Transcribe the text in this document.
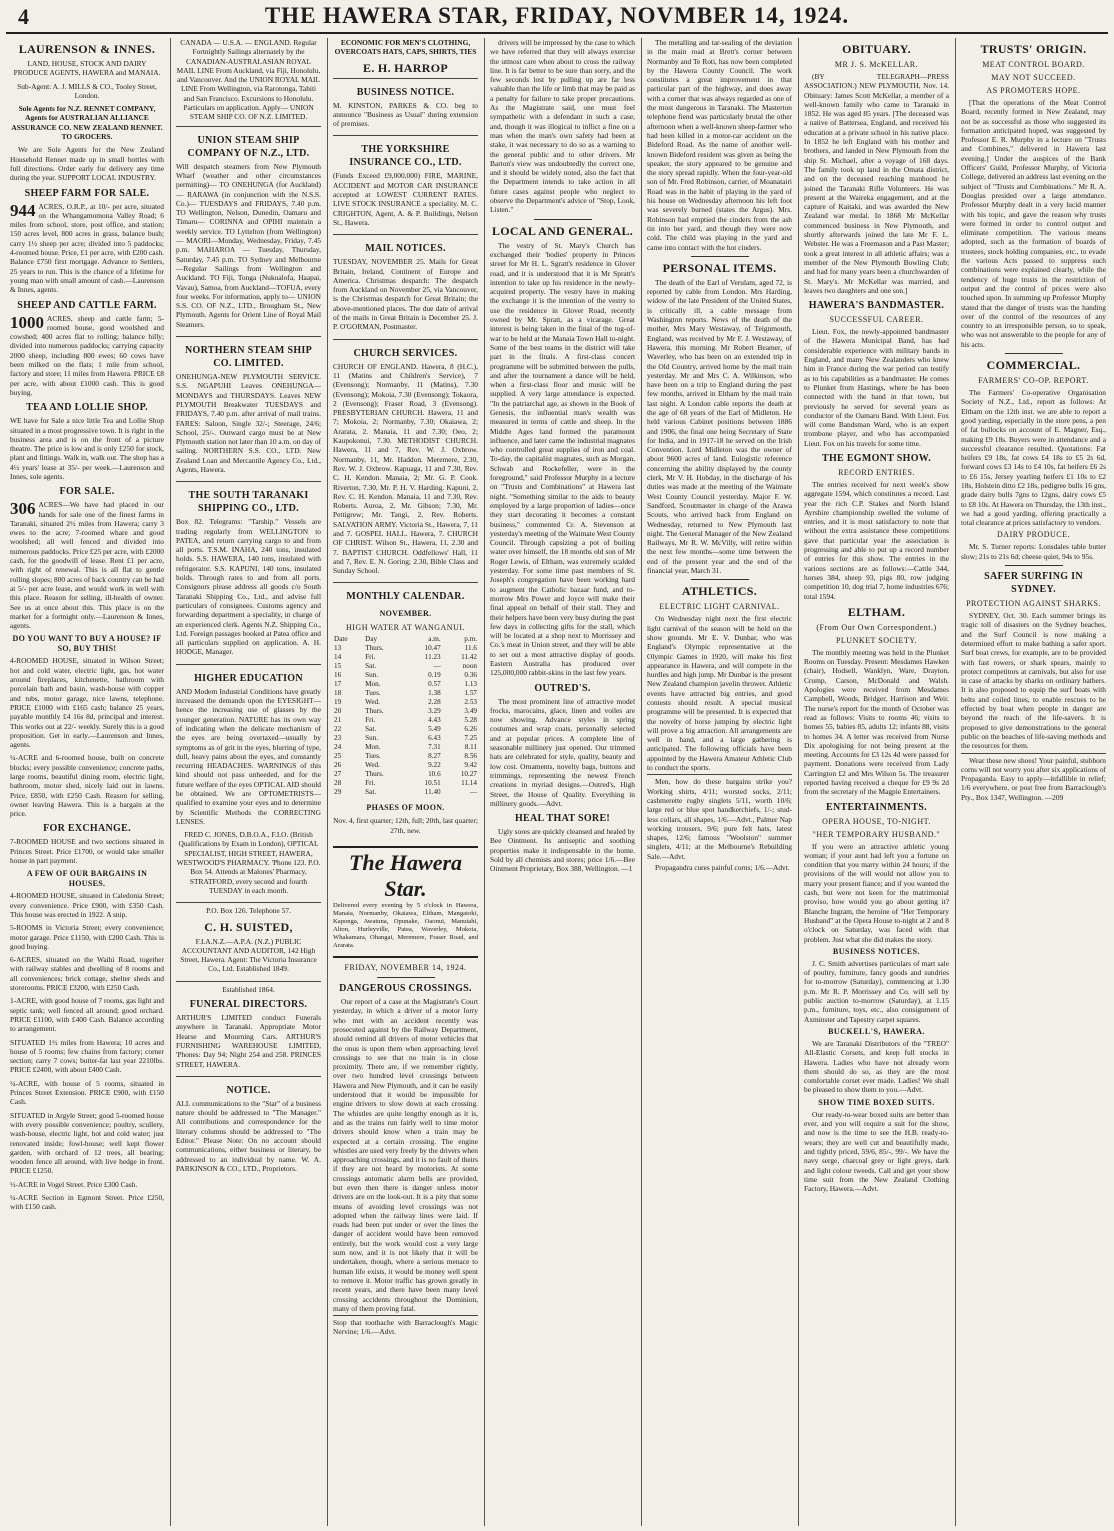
4	THE HAWERA STAR, FRIDAY, NOVMBER 14, 1924.
LAURENSON & INNES.
LAND, HOUSE, STOCK AND DAIRY PRODUCE AGENTS, HAWERA and MANAIA.
Sub-Agent: A. J. MILLS & CO., Tooley Street, London.
Sole Agents for N.Z. RENNET COMPANY, Agents for AUSTRALIAN ALLIANCE ASSURANCE CO. NEW ZEALAND RENNET. TO GROCERS.
We are Sole Agents for the New Zealand Household Rennet made up in small bottles with full directions. Order early for delivery any time during the year. SUPPORT LOCAL INDUSTRY.
SHEEP FARM FOR SALE.
944 ACRES, O.R.P., at 10/- per acre, situated on the Whangamomona Valley Road; 6 miles from school, store, post office, and station; 150 acres level, 800 acres in grass, balance bush; carry 1½ sheep per acre; divided into 5 paddocks; 4-roomed house. Price, £1 per acre, with £200 cash. Balance £750 first mortgage. Advance to Settlers, 25 years to run. This is the chance of a lifetime for young man with small amount of cash.—Laurenson & Innes, agents.
SHEEP AND CATTLE FARM.
1000 ACRES, sheep and cattle farm; 5-roomed house, good woolshed and cowshed; 400 acres flat to rolling; balance hilly; divided into numerous paddocks; carrying capacity 2000 sheep, including 800 ewes; 60 cows have been milked on the flats; 1 mile from school, factory and store; 11 miles from Hawera. PRICE £8 per acre, with about £1000 cash. This is good buying.
TEA AND LOLLIE SHOP.
WE have for Sale a nice little Tea and Lollie Shop situated in a most progressive town. It is right in the business area and is on the front of a picture theatre. The price is low and is only £250 for stock, plant and fittings. Walk in, walk out. The shop has a 4½ years' lease at 35/- per week.—Laurenson and Innes, sole agents.
FOR SALE.
306 ACRES—We have had placed in our hands for sale one of the finest farms in Taranaki, situated 2½ miles from Hawera; carry 3 ewes to the acre; 7-roomed whare and good woolshed; all well fenced and divided into numerous paddocks. Price £25 per acre, with £2000 cash, for the goodwill of lease. Rent £1 per acre, with right of renewal. This is all flat to gentle rolling slopes; 800 acres of back country can be had at 5/- per acre lease, and would work in well with this place. Reason for selling, ill-health of owner. See us at once about this. This place is on the market for a fortnight only.—Laurenson & Innes, agents.
DO YOU WANT TO BUY A HOUSE? IF SO, BUY THIS!
4-ROOMED HOUSE, situated in Wilson Street; hot and cold water, electric light, gas, hot water around fireplaces, kitchenette, bathroom with porcelain bath and basin, wash-house with copper and tubs, motor garage, nice lawns, telephone. PRICE £1000 with £165 cash; balance 25 years, payable monthly £4 16s 8d, principal and interest. This works out at 22/- weekly. Surely this is a good proposition. Get in early.—Laurenson and Innes, agents.
¼-ACRE and 6-roomed house, built on concrete blocks; every possible convenience; concrete paths, large rooms, beautiful dining room, electric light, bathroom, motor shed, nicely laid out in lawns. Price, £850, with £250 Cash. Reason for selling, owner leaving Hawera. This is a bargain at the price.
FOR EXCHANGE.
7-ROOMED HOUSE and two sections situated in Princes Street. Price £1700, or would take smaller house in part payment.
A FEW OF OUR BARGAINS IN HOUSES.
4-ROOMED HOUSE, situated in Caledonia Street; every convenience. Price £900, with £350 Cash. This house was erected in 1922. A snip.
5-ROOMS in Victoria Street; every convenience; motor garage. Price £1150, with £200 Cash. This is good buying.
6-ACRES, situated on the Waihi Road, together with railway stables and dwelling of 8 rooms and all conveniences; brick cottage, shelter sheds and storerooms. PRICE £3200, with £250 Cash.
1-ACRE, with good house of 7 rooms, gas light and septic tank; well fenced all around; good orchard. PRICE £1100, with £400 Cash. Balance according to arrangement.
SITUATED 1½ miles from Hawera; 10 acres and house of 5 rooms; few chains from factory; corner section; carry 7 cows; butter-fat last year 2210lbs. PRICE £2400, with about £400 Cash.
¼-ACRE, with house of 5 rooms, situated in Princes Street Extension. PRICE £900, with £150 Cash.
SITUATED in Argyle Street; good 5-roomed house with every possible convenience; poultry, scullery, wash-house, electric light, hot and cold water; just renovated inside; fowl-house; well kept flower garden, with orchard of 12 trees, all bearing; wooden fence all around, with live hedge in front. PRICE £1250.
½-ACRE in Vogel Street. Price £300 Cash.
¼-ACRE Section in Egmont Street. Price £250, with £150 cash.
CANADA — U.S.A. — ENGLAND. Regular Fortnightly Sailings alternately by the CANADIAN-AUSTRALASIAN ROYAL MAIL LINE From Auckland, via Fiji, Honolulu, and Vancouver. And the UNION ROYAL MAIL LINE From Wellington, via Rarotonga, Tahiti and San Francisco. Excursions to Honolulu. Particulars on application. Apply— UNION STEAM SHIP CO. OF N.Z. LIMITED.
UNION STEAM SHIP COMPANY OF N.Z., LTD.
Will despatch steamers from New Plymouth Wharf (weather and other circumstances permitting)— TO ONEHUNGA (for Auckland)— RARAWA (in conjunction with the N.S.S. Co.)— TUESDAYS and FRIDAYS, 7.40 p.m. TO Wellington, Nelson, Dunedin, Oamaru and Timaru— CORINNA and OPIHI maintain a weekly service. TO Lyttelton (from Wellington)— MAORI—Monday, Wednesday, Friday, 7.45 p.m. MAHAROA — Tuesday, Thursday, Saturday, 7.45 p.m. TO Sydney and Melbourne—Regular Sailings from Wellington and Auckland. TO Fiji, Tonga (Nukualofa, Haapai, Vavau), Samoa, from Auckland—TOFUA, every four weeks. For information, apply to— UNION S.S. CO. OF N.Z., LTD., Brougham St., New Plymouth. Agents for Orient Line of Royal Mail Steamers.
NORTHERN STEAM SHIP CO. LIMITED.
ONEHUNGA-NEW PLYMOUTH SERVICE. S.S. NGAPUHI Leaves ONEHUNGA— MONDAYS and THURSDAYS. Leaves NEW PLYMOUTH Breakwater TUESDAYS and FRIDAYS, 7.40 p.m. after arrival of mail trains. FARES: Saloon, Single 32/-; Steerage, 24/6; School, 25/-. Outward cargo must be at New Plymouth station not later than 10 a.m. on day of sailing. NORTHERN S.S. CO., LTD. New Zealand Loan and Mercantile Agency Co., Ltd., Agents, Hawera.
THE SOUTH TARANAKI SHIPPING CO., LTD.
Box 82. Telegrams: "Tarship." Vessels are trading regularly from WELLINGTON to PATEA, and return carrying cargo to and from all ports. T.S.M. INAHA, 240 tons, insulated holds. S.S. HAWERA, 140 tons, insulated with refrigerator. S.S. KAPUNI, 140 tons, insulated holds. Through rates to and from all ports. Consignors please address all goods c/o South Taranaki Shipping Co., Ltd., and advise full particulars of consignees. Customs agency and forwarding department a speciality, in charge of an experienced clerk. Agents N.Z. Shipping Co., Ltd. Foreign passages booked at Patea office and all particulars supplied on application. A. H. HODGE, Manager.
HIGHER EDUCATION
AND Modern Industrial Conditions have greatly increased the demands upon the EYESIGHT—hence the increasing use of glasses by the younger generation. NATURE has its own way of indicating when the delicate mechanism of the eyes are being overtaxed—usually by symptoms as of grit in the eyes, blurring of type, dull, heavy pains about the eyes, and constantly recurring HEADACHES. WARNINGS of this kind should not pass unheeded, and for the future welfare of the eyes OPTICAL AID should be obtained. We are OPTOMETRISTS—qualified to examine your eyes and to determine by Scientific Methods the CORRECTING LENSES.
FRED C. JONES, D.B.O.A., F.I.O. (British Qualifications by Exam in London), OPTICAL SPECIALIST, HIGH STREET, HAWERA, WESTWOOD'S PHARMACY. 'Phone 123. P.O. Box 54. Attends at Malones' Pharmacy, STRATFORD, every second and fourth TUESDAY in each month.
P.O. Box 126. Telephone 57.
C. H. SUISTED,
F.I.A.N.Z.—A.P.A. (N.Z.) PUBLIC ACCOUNTANT AND AUDITOR, 142 High Street, Hawera. Agent: The Victoria Insurance Co., Ltd. Established 1849.
Established 1864.
FUNERAL DIRECTORS.
ARTHUR'S LIMITED conduct Funerals anywhere in Taranaki. Appropriate Motor Hearse and Mourning Cars. ARTHUR'S FURNISHING WAREHOUSE LIMITED, 'Phones: Day 94; Night 254 and 258. PRINCES STREET, HAWERA.
NOTICE.
ALL communications to the "Star" of a business nature should be addressed to "The Manager." All contributions and correspondence for the literary columns should be addressed to "The Editor." Please Note: On no account should communications, either business or literary, be addressed to an individual by name. W. A. PARKINSON & CO., LTD., Proprietors.
ECONOMIC FOR MEN'S CLOTHING, OVERCOATS HATS, CAPS, SHIRTS, TIES
E. H. HARROP
BUSINESS NOTICE.
M. KINSTON, PARKES & CO. beg to announce "Business as Usual" during extension of premises.
THE YORKSHIRE INSURANCE CO., LTD.
(Funds Exceed £9,000,000) FIRE, MARINE, ACCIDENT and MOTOR CAR INSURANCE accepted at LOWEST CURRENT RATES. LIVE STOCK INSURANCE a speciality. M. C. CRIGHTON, Agent, A. & P. Buildings, Nelson St., Hawera.
MAIL NOTICES.
TUESDAY, NOVEMBER 25. Mails for Great Britain, Ireland, Continent of Europe and America. Christmas despatch: The despatch from Auckland on November 25, via Vancouver, is the Christmas despatch for Great Britain; the above-mentioned places. The due date of arrival of the mails in Great Britain is December 25. J. P. O'GORMAN, Postmaster.
CHURCH SERVICES.
CHURCH OF ENGLAND. Hawera, 8 (H.C.), 11 (Matins and Children's Service), 7 (Evensong); Normanby, 11 (Matins), 7.30 (Evensong); Mokoia, 7.30 (Evensong); Tokaora, 2 (Evensong); Fraser Road, 3 (Evensong). PRESBYTERIAN CHURCH. Hawera, 11 and 7; Mokoia, 2; Normanby, 7.30; Okaiawa, 2; Ararata, 2. Manaia, 11 and 7.30; Oeo, 2; Kaupokonui, 7.30. METHODIST CHURCH. Hawera, 11 and 7, Rev. W. J. Oxbrow. Normanby, 11, Mr. Haddon. Meremere, 2.30, Rev. W. J. Oxbrow. Kapuaga, 11 and 7.30, Rev. C. H. Kendon. Manaia, 2; Mr. G. P. Cook. Riverton, 7.30, Mr. P. H. V. Harding. Kapuni, 2, Rev. C. H. Kendon. Manaia, 11 and 7.30, Rev. Roberts. Auroa, 2, Mr. Gibson; 7.30, Mr. Pettigrew; Mr. Tangi, 2, Rev. Roberts. SALVATION ARMY. Victoria St., Hawera, 7, 11 and 7. GOSPEL HALL. Hawera, 7. CHURCH OF CHRIST. Wilson St., Hawera, 11, 2.30 and 7. BAPTIST CHURCH. Oddfellows' Hall, 11 and 7, Rev. E. N. Goring; 2.30, Bible Class and Sunday School.
MONTHLY CALENDAR.
NOVEMBER.
HIGH WATER AT WANGANUI.
Date	Day	a.m.	p.m.
13	Thurs.	10.47	11.6
14	Fri.	11.23	11.42
15	Sat.	—	noon
16	Sun.	0.19	0.36
17	Mon.	0.57	1.13
18	Tues.	1.38	1.57
19	Wed.	2.28	2.53
20	Thurs.	3.29	3.49
21	Fri.	4.43	5.28
22	Sat.	5.49	6.26
23	Sun.	6.43	7.25
24	Mon.	7.31	8.11
25	Tues.	8.27	8.56
26	Wed.	9.22	9.42
27	Thurs.	10.6	10.27
28	Fri.	10.51	11.14
29	Sat.	11.40	—
PHASES OF MOON.
Nov. 4, first quarter; 12th, full; 20th, last quarter; 27th, new.
The Hawera Star.
Delivered every evening by 5 o'clock in Hawera, Manaia, Normanby, Okaiawa, Eltham, Mangatoki, Kaponga, Awatuna, Opunake, Oaonui, Manutahi, Alton, Hurleyville, Patea, Waverley, Mokoia, Whakamara, Ohangai, Meremere, Fraser Road, and Ararata.
FRIDAY, NOVEMBER 14, 1924.
DANGEROUS CROSSINGS.
Our report of a case at the Magistrate's Court yesterday, in which a driver of a motor lorry who met with an accident recently was prosecuted against by the Railway Department, should remind all drivers of motor vehicles that the onus is upon them when approaching level crossings to see that no train is in close proximity. There are, if we remember rightly, over two hundred level crossings between Hawera and New Plymouth, and it can be easily understood that it would be impossible for engine drivers to slow down at each crossing. The whistles are quite lengthy enough as it is, and as the trains run fairly well to time motor drivers should know when a train may be expected at a certain crossing. The engine whistles are used very freely by the drivers when approaching crossings, and it is no fault of theirs if they are not heard by motorists. At some crossings automatic alarm bells are provided, but even then there is danger unless motor drivers are on the look-out. It is a pity that some means of avoiding level crossings was not adopted when the railway lines were laid. If roads had been put under or over the lines the danger of accident would have been removed entirely, but the work would cost a very large sum now, and it is not likely that it will be undertaken, though, where a serious menace to human life exists, it would be money well spent to remove it. Motor traffic has grown greatly in recent years, and there have been many level crossing accidents throughout the Dominion, many of them proving fatal.
Stop that toothache with Barraclough's Magic Nervine; 1/6.—Advt.
drivers will be impressed by the case to which we have referred that they will always exercise the utmost care when about to cross the railway line. It is far better to be sure than sorry, and the few seconds lost by pulling up are far less valuable than the life or limb that may be paid as a penalty for failure to take proper precautions. As the Magistrate said, one must feel sympathetic with a defendant in such a case, and, though it was illogical to inflict a fine on a man when the man's own safety had been at stake, it was necessary to do so as a warning to the general public and to other drivers. Mr Barton's view was undoubtedly the correct one, and it should be widely noted, also the fact that the Department intends to take action in all future cases against people who neglect to observe the Department's advice of "Stop, Look, Listen."
LOCAL AND GENERAL.
The vestry of St. Mary's Church has exchanged their 'bodies' property in Princes street for Mr H. L. Sgratt's residence in Glover road, and it is understood that it is Mr Spratt's intention to take up his residence in the newly-acquired property. The vestry have in making the exchange it is the intention of the vestry to use the residence in Glover Road, recently owned by Mr. Spratt, as a vicarage. Great interest is being taken in the final of the tug-of-war to be held at the Manaia Town Hall to-night. Some of the best teams in the district will take part in the finals. A first-class concert programme will be submitted between the pulls, and after the tournament a dance will be held, when a first-class floor and music will be supplied. A very large attendance is expected. "In the patriarchal age, as shown in the Book of Genesis, the influential man's wealth was measured in terms of cattle and sheep. In the Middle Ages land formed the paramount influence, and later came the industrial magnates who controlled great supplies of iron and coal. To-day, the capitalist magnates, such as Morgan, Schwab and Rockefeller, were in the foreground," said Professor Murphy in a lecture on "Trusts and Combinations" at Hawera last night. "Something similar to the aids to beauty employed by a large proportion of ladies—once they start decorating it becomes a constant business," commented Cr. A. Stevenson at yesterday's meeting of the Waimate West County Council. Through capsizing a pot of boiling water over himself, the 18 months old son of Mr Roger Lewis, of Eltham, was extremely scalded yesterday. For some time past members of St. Joseph's congregation have been working hard to augment the Catholic bazaar fund, and to-morrow Mrs Power and Joyce will make their final appeal on behalf of their stall. They and their helpers have been very busy during the past few days in collecting gifts for the stall, which will be located at a shop next to Morrissey and Co.'s meat in Union street, and they will be able to set out a most attractive display of goods. Eastern Australia has produced over 125,000,000 rabbit-skins in the last few years.
OUTRED'S.
The most prominent line of attractive model frocks, marocains, glace, linen and voiles are now showing. Advance styles in spring costumes and wrap coats, personally selected and at popular prices. A complete line of seasonable millinery just opened. Our trimmed hats are celebrated for style, quality, beauty and low cost. Ornaments, novelty bags, buttons and trimmings, representing the newest French creations in myriad designs.—Outred's, High Street, the House of Quality. Everything in millinery goods.—Advt.
HEAL THAT SORE!
Ugly sores are quickly cleansed and healed by Bee Ointment. Its antiseptic and soothing properties make it indispensable in the home. Sold by all chemists and stores; price 1/6.—Bee Ointment Proprietary, Box 388, Wellington. —1
The metalling and tar-sealing of the deviation in the main road at Brett's corner between Normanby and Te Roti, has now been completed by the Hawera County Council. The work constitutes a great improvement in that particular part of the highway, and does away with a corner that was always regarded as one of the most dangerous in Taranaki. The Masterton telephone fiend was particularly brutal the other afternoon when a well-known sheep-farmer who had been killed in a motor-car accident on the Bideford Road. As the name of another well-known Bideford resident was given as being the speaker, the story appeared to be genuine and the story spread rapidly. When the four-year-old son of Mr. Fred Robinson, carrier, of Moanatairi Road was in the habit of playing in the yard of his house on Wednesday afternoon his left foot was severely burned (states the Argus). Mrs. Robinson had emptied the cinders from the ash tin into her yard, and though they were now cold. The child was playing in the yard and came into contact with the hot cinders.
PERSONAL ITEMS.
The death of the Earl of Verulam, aged 72, is reported by cable from London. Mrs Harding, widow of the late President of the United States, is critically ill, a cable message from Washington reports. News of the death of the mother, Mrs Mary Westaway, of Teignmouth, England, was received by Mr F. J. Westaway, of Hawera, this morning. Mr Robert Beamer, of Waverley, who has been on an extended trip in the Old Country, arrived home by the mail train yesterday. Mr and Mrs C. A. Wilkinson, who have been on a trip to England during the past few months, arrived in Eltham by the mail train last night. A London cable reports the death at the age of 68 years of the Earl of Midleton. He held various Cabinet positions between 1886 and 1906, the final one being Secretary of State for India, and in 1917-18 he served on the Irish Convention. Lord Midleton was the owner of about 9600 acres of land. Eulogistic reference concerning the ability displayed by the county clerk, Mr V. H. Hobday, in the discharge of his duties was made at the meeting of the Waimate West County Council yesterday. Major F. W. Sandford, Scoutmaster in charge of the Arawa Scouts, who arrived back from England on Wednesday, returned to New Plymouth last night. The General Manager of the New Zealand Railways, Mr R. W. McVilly, will retire within the next few months—some time between the end of the present year and the end of the financial year, March 31.
ATHLETICS.
ELECTRIC LIGHT CARNIVAL.
On Wednesday night next the first electric light carnival of the season will be held on the show grounds. Mr E. V. Dunbar, who was England's Olympic representative at the Olympic Games in 1920, will make his first appearance in Hawera, and will compete in the hurdles and high jump. Mr Dunbar is the present New Zealand champion javelin thrower. Athletic events have attracted big entries, and good contests should result. A special musical programme will be presented. It is expected that the novelty of horse jumping by electric light will prove a big attraction. All arrangements are well in hand, and a large gathering is anticipated. The following officials have been appointed by the Hawera Amateur Athletic Club to conduct the sports.
Men, how do these bargains strike you? Working shirts, 4/11; worsted socks, 2/11; cashmerette rugby singlets 5/11, worth 10/6; large red or blue spot handkerchiefs, 1/-; stud-less collars, all shapes, 1/6.—Advt., Palmer Nap working trousers, 9/6; pure felt hats, latest shapes, 12/6; famous "Woolston" summer singlets, 4/11; at the Melbourne's Rebuilding Sale.—Advt.
Propagandra cures painful corns; 1/6.—Advt.
OBITUARY.
MR J. S. McKELLAR.
(BY TELEGRAPH—PRESS ASSOCIATION.) NEW PLYMOUTH, Nov. 14. Obituary: James Scott McKellar, a member of a well-known family who came to Taranaki in 1852. He was aged 85 years. [The deceased was a native of Battersea, England, and received his education at a private school in his native place. In 1852 he left England with his mother and brothers, and landed in New Plymouth from the ship St. Michael, after a voyage of 168 days. The family took up land in the Omata district, and on the deceased reaching manhood he joined the Taranaki Rifle Volunteers. He was present at the Waireka engagement, and at the capture of Kaitaki, and was awarded the New Zealand war medal. In 1868 Mr McKellar commenced business in New Plymouth, and shortly afterwards joined the late Mr F. L. Webster. He was a Freemason and a Past Master; took a great interest in all athletic affairs; was a member of the New Plymouth Bowling Club; and had for many years been a churchwarden of St. Mary's. Mr McKellar was married, and leaves two daughters and one son.]
HAWERA'S BANDMASTER.
SUCCESSFUL CAREER.
Lieut. Fox, the newly-appointed bandmaster of the Hawera Municipal Band, has had considerable experience with military bands in England, and many New Zealanders who knew him in France during the war period can testify as to his capabilities as a bandmaster. He comes to Plunket from Hastings, where he has been connected with the band in that town, but previously he served for several years as conductor of the Oamaru Band. With Lieut. Fox will come Bandsman Ward, who is an expert trombone player, and who has accompanied Lieut. Fox on his travels for some time.
THE EGMONT SHOW.
RECORD ENTRIES.
The entries received for next week's show aggregate 1594, which constitutes a record. Last year the rich C.P. Stakes and North Island Ayrshire championship swelled the volume of entries, and it is most satisfactory to note that without the extra assistance these competitions gave that particular year the association is progressing and able to put up a record number of entries for this show. The entries in the various sections are as follows:—Cattle 344, horses 384, sheep 93, pigs 80, row judging competition 10, dog trial 7, home industries 676; total 1594.
ELTHAM.
(From Our Own Correspondent.)
PLUNKET SOCIETY.
The monthly meeting was held in the Plunket Rooms on Tuesday. Present: Mesdames Hawken (chair), Hodsell, Wanklyn, Ware, Drayton, Crump, Carson, McDonald and Walsh. Apologies were received from Mesdames Campbell, Woods, Bridger, Harrison and Weir. The nurse's report for the month of October was read as follows: Visits to rooms 46; visits to homes 55, babies 85, adults 12; infants 88, visits to homes 34. A letter was received from Nurse Dix apologising for not being present at the meeting. Accounts for £3 12s 4d were passed for payment. Donations were received from Lady Carrington £2 and Mrs Wilson 5s. The treasurer reported having received a cheque for £9 9s 2d from the secretary of the Magpie Entertainers.
ENTERTAINMENTS.
OPERA HOUSE, TO-NIGHT.
"HER TEMPORARY HUSBAND."
If you were an attractive athletic young woman; if your aunt had left you a fortune on condition that you marry within 24 hours; if the provisions of the will would not allow you to marry your present fiance; and if you wanted the cash, but were not keen for the matrimonial proviso, how would you go about getting it? Blanche Ingram, the heroine of "Her Temporary Husband" at the Opera House to-night at 2 and 8 o'clock on Saturday, was faced with that problem. Just what she did makes the story.
BUSINESS NOTICES.
J. C. Smith advertises particulars of mart sale of poultry, furniture, fancy goods and sundries for to-morrow (Saturday), commencing at 1.30 p.m. Mr R. P. Morrissey and Co. will sell by public auction to-morrow (Saturday), at 1.15 p.m., furniture, toys, etc., also consignment of Axminster and Tapestry carpet squares.
BUCKELL'S, HAWERA.
We are Taranaki Distributors of the "TREO" All-Elastic Corsets, and keep full stocks in Hawera. Ladies who have not already worn them should do so, as they are the most comfortable corset ever made. Ladies! We shall be pleased to show them to you.—Advt.
SHOW TIME BOXED SUITS.
Our ready-to-wear boxed suits are better than ever, and you will require a suit for the show, and now is the time to see the H.B. ready-to-wears; they are well cut and beautifully made, and tightly priced, 59/6, 85/-, 99/-. We have the navy serge, charcoal grey or light greys, dark and light colour tweeds. Call and get your show time suit from the New Zealand Clothing Factory, Hawera.—Advt.
TRUSTS' ORIGIN.
MEAT CONTROL BOARD.
MAY NOT SUCCEED.
AS PROMOTERS HOPE.
[That the operations of the Meat Control Board, recently formed in New Zealand, may not be as successful as those who suggested its formation anticipated hoped, was suggested by Professor E. R. Murphy in a lecture on "Trusts and Combines," delivered in Hawera last evening.] Under the auspices of the Bank Officers' Guild, Professor Murphy, of Victoria College, delivered an address last evening on the subject of "Trusts and Combinations." Mr R. A. Douglas presided over a large attendance. Professor Murphy dealt in a very lucid manner with his topic, and gave the reason why trusts were formed in order to control output and eliminate competition. The various means adopted, such as the formation of boards of trustees, stock holding companies, etc., to evade the various Acts passed to suppress such combinations were explained clearly, while the tendency of huge trusts in the restriction of output and the control of prices were also touched upon. In summing up Professor Murphy stated that the danger of trusts was the handing over of the control of the resources of any country to an irresponsible person, so to speak, who was not answerable to the people for any of his acts.
COMMERCIAL.
FARMERS' CO-OP. REPORT.
The Farmers' Co-operative Organisation Society of N.Z., Ltd., report as follows: At Eltham on the 12th inst. we are able to report a good yarding, especially in the store pens, a pen of fat bullocks on account of E. Magner, Esq., making £9 18s. Buyers were in attendance and a successful clearance resulted. Quotations: Fat heifers £9 18s, fat cows £4 18s to £5 2s 6d, forward cows £3 14s to £4 10s, fat heifers £6 2s to £6 15s, Jersey yearling heifers £1 10s to £2 18s, Holstein ditto £2 18s, pedigree bulls 16 gns, grade dairy bulls 7gns to 12gns, dairy cows £5 to £8 10s. At Hawera on Thursday, the 13th inst., we had a good yarding, offering practically a total clearance at prices satisfactory to vendors.
DAIRY PRODUCE.
Mr. S. Turner reports: Lonsdales table butter slow; 21s to 21s 6d; cheese quiet, 94s to 95s.
SAFER SURFING IN SYDNEY.
PROTECTION AGAINST SHARKS.
SYDNEY, Oct. 30. Each summer brings its tragic toll of disasters on the Sydney beaches, and the Surf Council is now making a determined effort to make bathing a safer sport. Surf boat crews, for example, are to be provided with fast rowers, or shark spears, mainly to protect competitors at carnivals, but also for use in case of attacks by sharks on ordinary bathers. It is also proposed to equip the surf boats with belts and coiled lines, to enable rescues to be effected by boat when people in danger are beyond the reach of the life-savers. It is proposed to give demonstrations to the general public on the beaches of life-saving methods and the resources for them.
Wear these new shoes! Your painful, stubborn corns will not worry you after six applications of Propaganda. Easy to apply—infallible in relief; 1/6 everywhere, or post free from Barraclough's Pty., Box 1347, Wellington. —209
